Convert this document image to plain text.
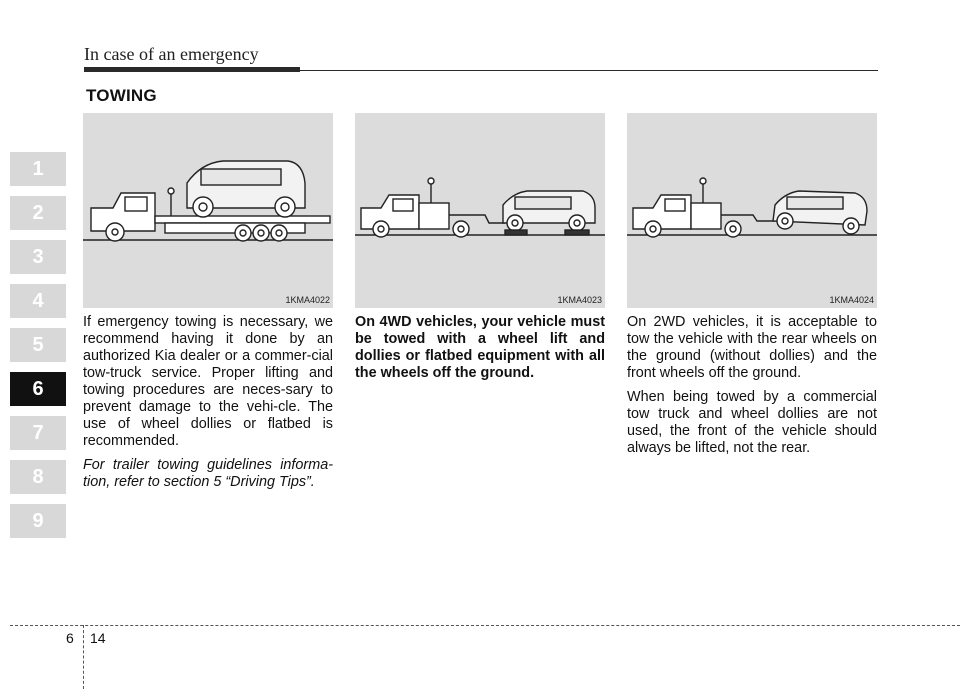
In case of an emergency
TOWING
1
2
3
4
5
6
7
8
9
1KMA4022	1KMA4023	1KMA4024

If emergency towing is necessary, we recommend having it done by an authorized Kia dealer or a commer-cial tow-truck service. Proper lifting and towing procedures are neces-sary to prevent damage to the vehi-cle. The use of wheel dollies or flatbed is recommended.

For trailer towing guidelines informa-tion, refer to section 5 “Driving Tips”.

On 4WD vehicles, your vehicle must be towed with a wheel lift and dollies or flatbed equipment with all the wheels off the ground.

On 2WD vehicles, it is acceptable to tow the vehicle with the rear wheels on the ground (without dollies) and the front wheels off the ground.

When being towed by a commercial tow truck and wheel dollies are not used, the front of the vehicle should always be lifted, not the rear.

6 14
